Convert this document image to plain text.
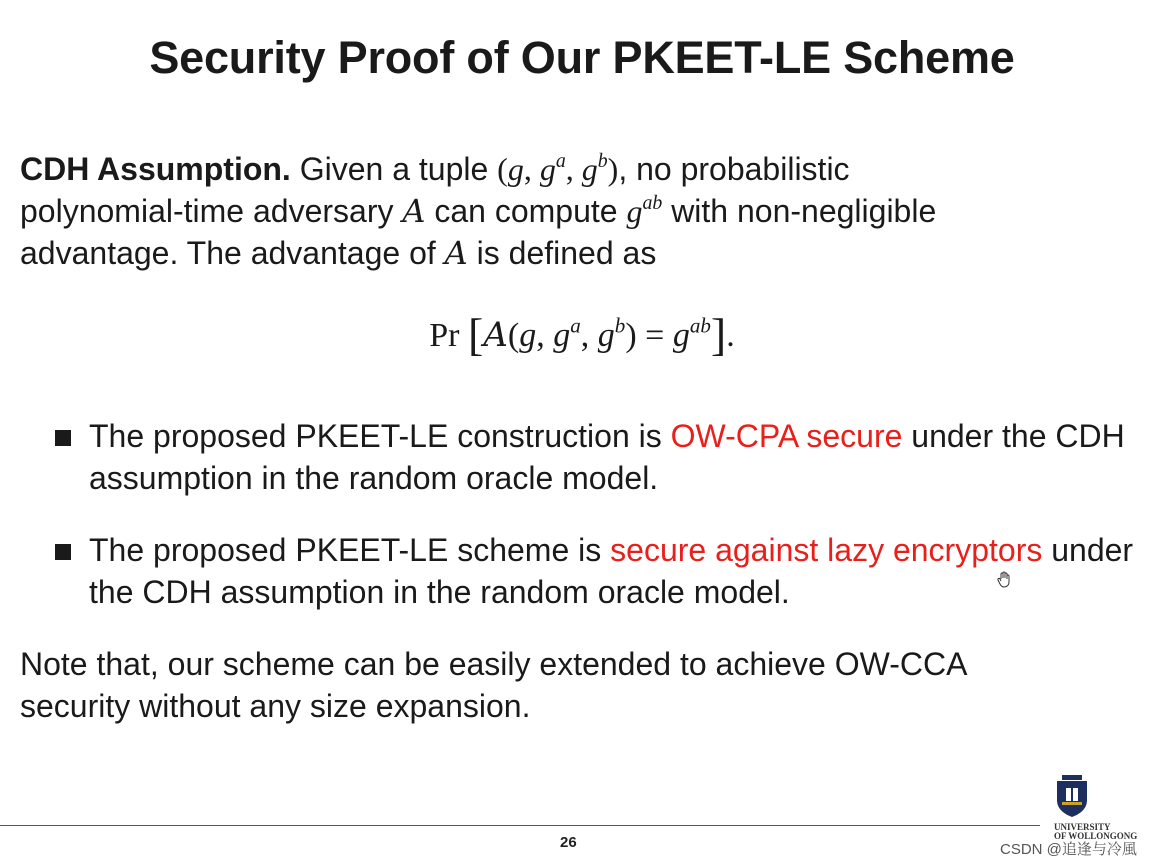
Security Proof of Our PKEET-LE Scheme
CDH Assumption. Given a tuple (g, $g^a$, $g^b$), no probabilistic
polynomial-time adversary A can compute $g^{ab}$ with non-negligible
advantage. The advantage of A is defined as
Pr [A(g, $g^a$, $g^b) = g^{ab}$].
The proposed PKEET-LE construction is OW-CPA secure under the CDH assumption in the random oracle model.
The proposed PKEET-LE scheme is secure against lazy encryptors under the CDH assumption in the random oracle model.
Note that, our scheme can be easily extended to achieve OW-CCA security without any size expansion.
26
UNIVERSITY
OF WOLLONGONG
CSDN @追逢与冷風
